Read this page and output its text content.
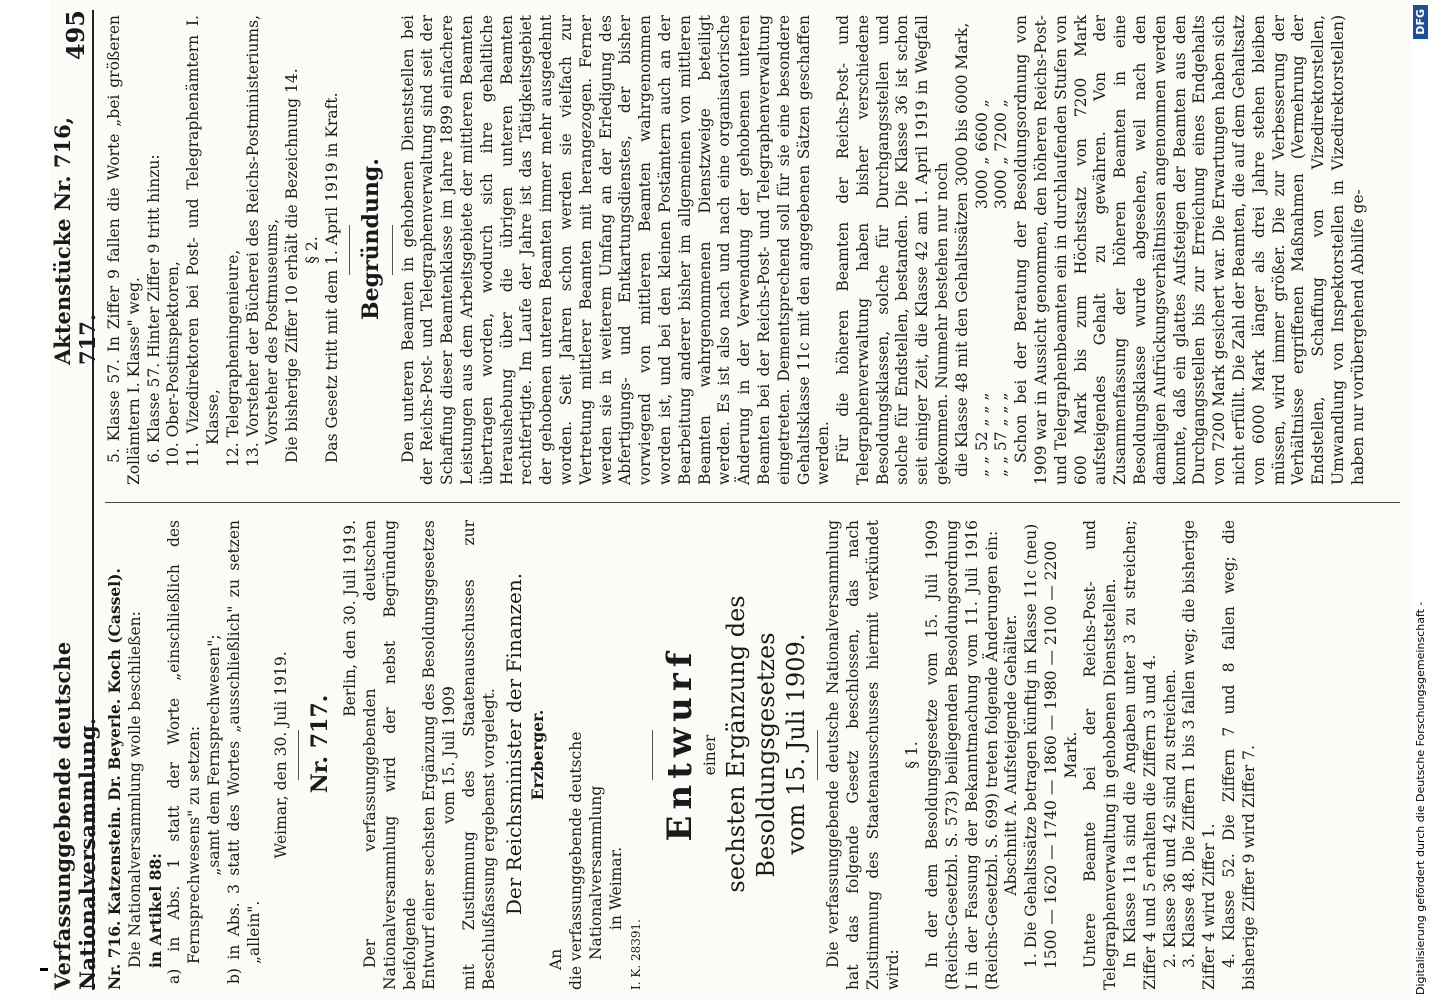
Verfassunggebende deutsche Nationalversammlung.
Aktenstücke Nr. 716, 717.
495

Nr. 716. Katzenstein. Dr. Beyerle. Koch (Cassel). Die Nationalversammlung wolle beschließen: in Artikel 88: a) in Abs. 1 statt der Worte „einschließlich des Fernsprechwesens" zu setzen: „samt dem Fernsprechwesen"; b) in Abs. 3 statt des Wortes „ausschließlich" zu setzen „allein".

Weimar, den 30. Juli 1919. Nr. 717.

Berlin, den 30. Juli 1919. Der verfassunggebenden deutschen Nationalversammlung wird der nebst Begründung beifolgende Entwurf einer sechsten Ergänzung des Besoldungsgesetzes vom 15. Juli 1909 mit Zustimmung des Staatenausschusses zur Beschlußfassung ergebenst vorgelegt. Der Reichsminister der Finanzen. Erzberger.

An die verfassunggebende deutsche Nationalversammlung in Weimar.

I. K. 28391.

Entwurf einer sechsten Ergänzung des Besoldungsgesetzes vom 15. Juli 1909. Die verfassunggebende deutsche Nationalversammlung hat das folgende Gesetz beschlossen, das nach Zustimmung des Staatenausschusses hiermit verkündet wird:

§ 1. In der dem Besoldungsgesetze vom 15. Juli 1909 (Reichs-Gesetzbl. S. 573) beiliegenden Besoldungsordnung I in der Fassung der Bekanntmachung vom 11. Juli 1916 (Reichs-Gesetzbl. S. 699) treten folgende Änderungen ein: Abschnitt A. Aufsteigende Gehälter. 1. Die Gehaltssätze betragen künftig in Klasse 11c (neu) 1500 — 1620 — 1740 — 1860 — 1980 — 2100 — 2200 Mark. Untere Beamte bei der Reichs-Post- und Telegraphenverwaltung in gehobenen Dienststellen. In Klasse 11a sind die Angaben unter 3 zu streichen; Ziffer 4 und 5 erhalten die Ziffern 3 und 4. 2. Klasse 36 und 42 sind zu streichen. 3. Klasse 48. Die Ziffern 1 bis 3 fallen weg; die bisherige Ziffer 4 wird Ziffer 1. 4. Klasse 52. Die Ziffern 7 und 8 fallen weg; die bisherige Ziffer 9 wird Ziffer 7.

5. Klasse 57. In Ziffer 9 fallen die Worte „bei größeren Zollämtern I. Klasse" weg. 6. Klasse 57. Hinter Ziffer 9 tritt hinzu: 10. Ober-Postinspektoren, 11. Vizedirektoren bei Post- und Telegraphenämtern I. Klasse, 12. Telegrapheningenieure, 13. Vorsteher der Bücherei des Reichs-Postministeriums, Vorsteher des Postmuseums, Die bisherige Ziffer 10 erhält die Bezeichnung 14. § 2. Das Gesetz tritt mit dem 1. April 1919 in Kraft. Begründung. Den unteren Beamten in gehobenen Dienststellen bei der Reichs-Post- und Telegraphenverwaltung sind seit der Schaffung dieser Beamtenklasse im Jahre 1899 einfachere Leistungen aus dem Arbeitsgebiete der mittleren Beamten übertragen worden, wodurch sich ihre gehaltliche Heraushebung über die übrigen unteren Beamten rechtfertigte. Im Laufe der Jahre ist das Tätigkeitsgebiet der gehobenen unteren Beamten immer mehr ausgedehnt worden. Seit Jahren schon werden sie vielfach zur Vertretung mittlerer Beamten mit herangezogen. Ferner werden sie in weiterem Umfang an der Erledigung des Abfertigungs- und Entkartungsdienstes, der bisher vorwiegend von mittleren Beamten wahrgenommen worden ist, und bei den kleinen Postämtern auch an der Bearbeitung anderer bisher im allgemeinen von mittleren Beamten wahrgenommenen Dienstzweige beteiligt werden. Es ist also nach und nach eine organisatorische Änderung in der Verwendung der gehobenen unteren Beamten bei der Reichs-Post- und Telegraphenverwaltung eingetreten. Dementsprechend soll für sie eine besondere Gehaltsklasse 11c mit den angegebenen Sätzen geschaffen werden. Für die höheren Beamten der Reichs-Post- und Telegraphenverwaltung haben bisher verschiedene Besoldungsklassen, solche für Durchgangsstellen und solche für Endstellen, bestanden. Die Klasse 36 ist schon seit einiger Zeit, die Klasse 42 am 1. April 1919 in Wegfall gekommen. Nunmehr bestehen nur noch die Klasse 48 mit den Gehaltssätzen
3000 bis 6000 Mark,
„ „ 52 „ „ „
3000 „ 6600 „
„ „ 57 „ „ „
3000 „ 7200 „ Schon bei der Beratung der Besoldungsordnung von 1909 war in Aussicht genommen, den höheren Reichs-Post- und Telegraphenbeamten ein in durchlaufenden Stufen von 600 Mark bis zum Höchstsatz von 7200 Mark aufsteigendes Gehalt zu gewähren. Von der Zusammenfassung der höheren Beamten in eine Besoldungsklasse wurde abgesehen, weil nach den damaligen Aufrückungsverhältnissen angenommen werden konnte, daß ein glattes Aufsteigen der Beamten aus den Durchgangsstellen bis zur Erreichung eines Endgehalts von 7200 Mark gesichert war. Die Erwartungen haben sich nicht erfüllt. Die Zahl der Beamten, die auf dem Gehaltsatz von 6000 Mark länger als drei Jahre stehen bleiben müssen, wird immer größer. Die zur Verbesserung der Verhältnisse ergriffenen Maßnahmen (Vermehrung der Endstellen, Schaffung von Vizedirektorstellen, Umwandlung von Inspektorstellen in Vizedirektorstellen) haben nur vorübergehend Abhilfe ge-

Digitalisierung gefördert durch die Deutsche Forschungsgemeinschaft -
DFG
